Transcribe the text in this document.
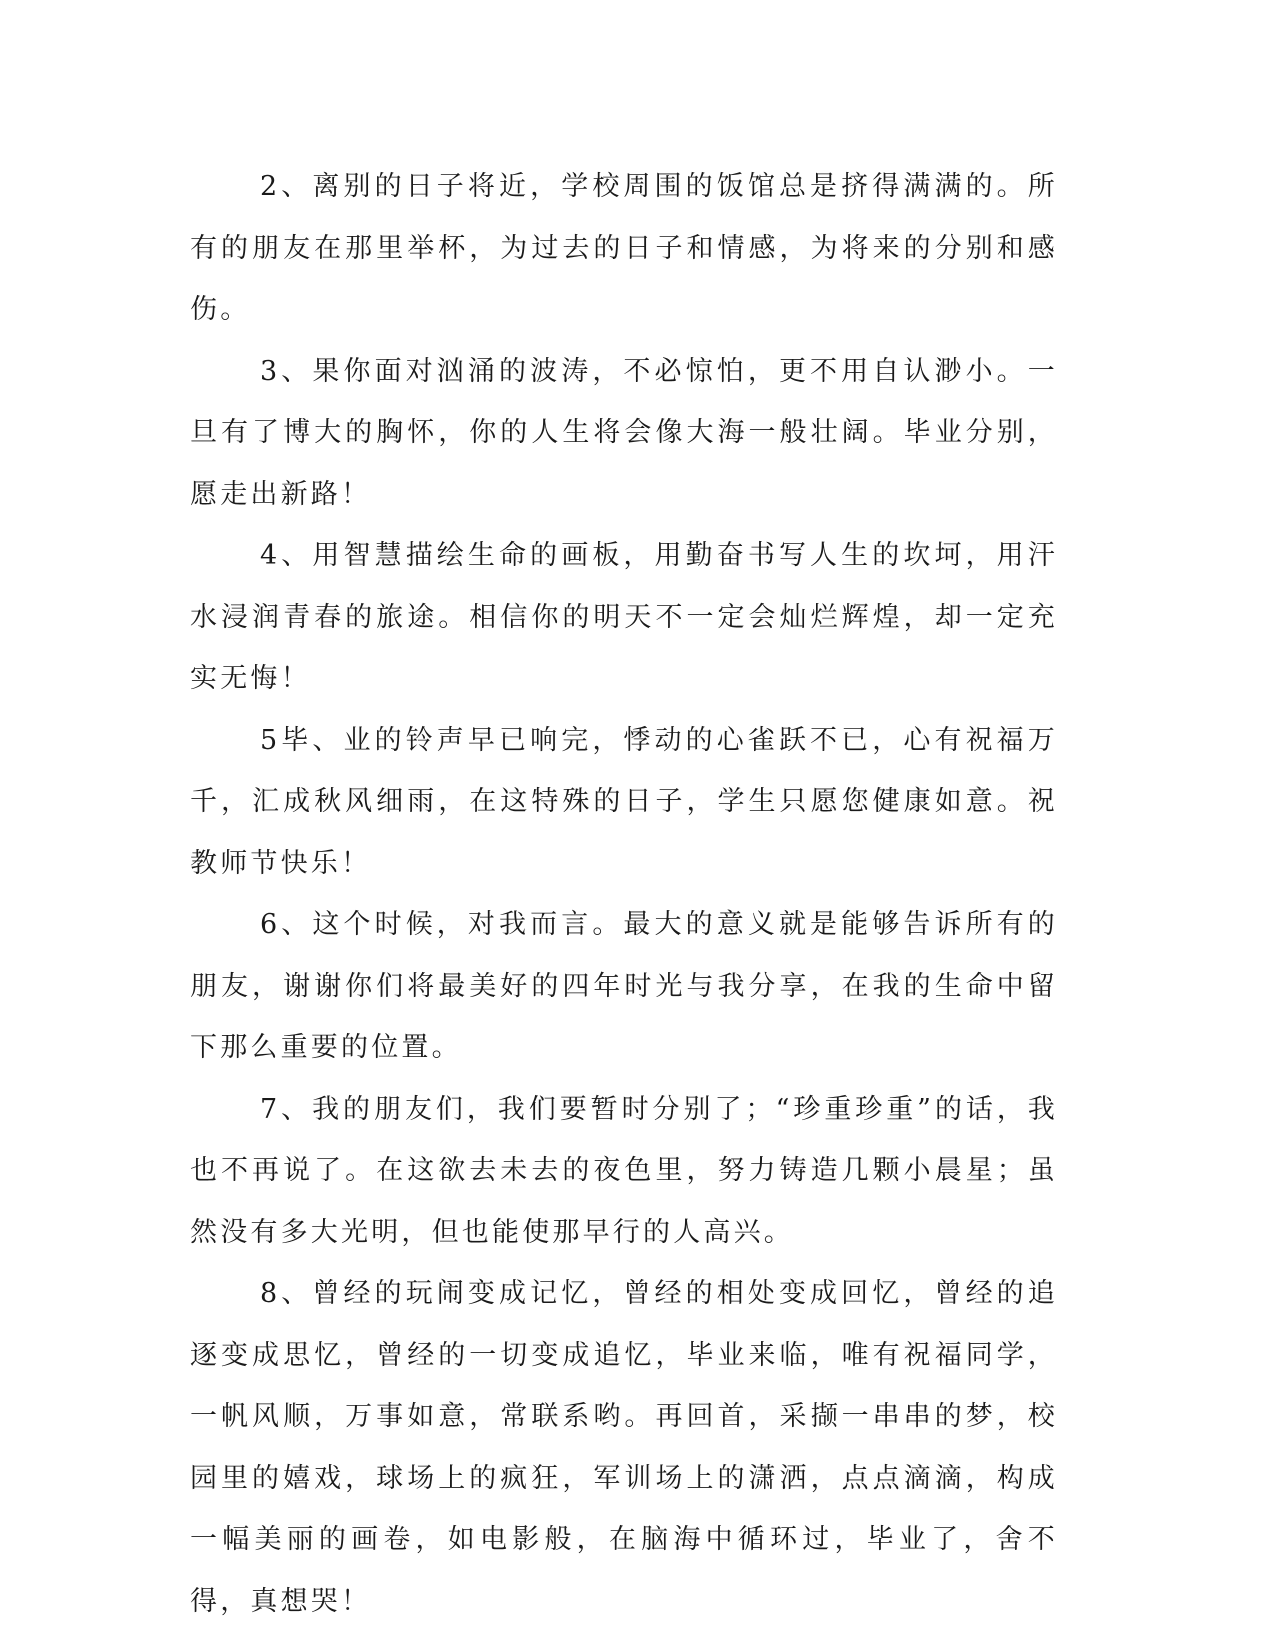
2、离别的日子将近，学校周围的饭馆总是挤得满满的。所有的朋友在那里举杯，为过去的日子和情感，为将来的分别和感伤。

3、果你面对汹涌的波涛，不必惊怕，更不用自认渺小。一旦有了博大的胸怀，你的人生将会像大海一般壮阔。毕业分别，愿走出新路！

4、用智慧描绘生命的画板，用勤奋书写人生的坎坷，用汗水浸润青春的旅途。相信你的明天不一定会灿烂辉煌，却一定充实无悔！

5毕、业的铃声早已响完，悸动的心雀跃不已，心有祝福万千，汇成秋风细雨，在这特殊的日子，学生只愿您健康如意。祝教师节快乐！

6、这个时候，对我而言。最大的意义就是能够告诉所有的朋友，谢谢你们将最美好的四年时光与我分享，在我的生命中留下那么重要的位置。

7、我的朋友们，我们要暂时分别了；“珍重珍重”的话，我也不再说了。在这欲去未去的夜色里，努力铸造几颗小晨星；虽然没有多大光明，但也能使那早行的人高兴。

8、曾经的玩闹变成记忆，曾经的相处变成回忆，曾经的追逐变成思忆，曾经的一切变成追忆，毕业来临，唯有祝福同学，一帆风顺，万事如意，常联系哟。再回首，采撷一串串的梦，校园里的嬉戏，球场上的疯狂，军训场上的潇洒，点点滴滴，构成一幅美丽的画卷，如电影般，在脑海中循环过，毕业了，舍不得，真想哭！
